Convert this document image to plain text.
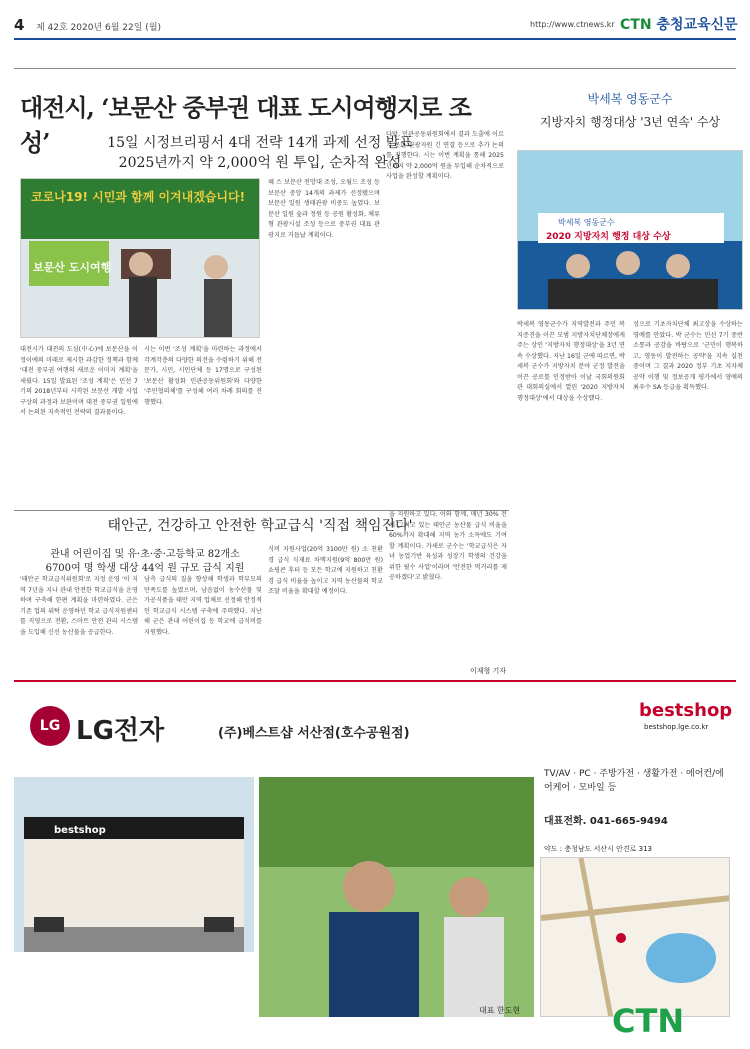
4 제 42호 2020년 6월 22일 (월)	http://www.ctnews.kr CTN 충청교육신문
대전시, ‘보문산 중부권 대표 도시여행지로 조성’	15일 시정브리핑서 4대 전략 14개 과제 선정 발표
2025년까지 약 2,000억 원 투입, 순차적 완성
코로나19! 시민과 함께 이겨내겠습니다!
보문산 도시여행
대전시가 대전의 도심(中心)에 보문산을 이정이에의 미래로 제시한 과감한 정책과 함께 '대전 중부권 여행의 새로운 이미지 계획'을 세웠다. 15일 발표된 '조성 계획'은 민선 7기의 2018년부터 시작된 보문산 개발 사업 구상의 과정과 보완이며 대전 중부권 일원에서 논의된 지속적인 전략의 결과물이다.
시는 이번 '조성 계획'을 마련하는 과정에서 각계각층의 다양한 의견을 수렴하기 위해 전문가, 시민, 시민단체 등 17명으로 구성된 '보문산 활성화 민관공동위원회'와 다양한 '주민협의체'를 구성해 여러 차례 회의를 진행했다.
혜 스 보문산 전망대 조성, 오월드 조성 등 보문산 중앙 14개의 과제가 선정됐으며 보문산 일원 생태관광 비중도 높였다. 보문산 일원 숲과 정원 등 공원 활성화, 체류형 관광시설 조성 등으로 중부권 대표 관광지로 거듭날 계획이다.
다만, 민관공동위원회에서 결과 도출에 이르기 못한 관광자원 긴 연결 등으로 추가 논의를 진행한다. 시는 이번 계획을 통해 2025년까지 약 2,000억 원을 투입해 순차적으로 사업을 완성할 계획이다.
박세복 영동군수
지방자치 행정대상 '3년 연속' 수상
박세복 영동군수
2020 지방자치 행정 대상 수상
박세복 영동군수가 지역발전과 주민 복지증진을 이끈 모범 지방자치단체장에게 주는 상인 '지방자치 행정대상'을 3년 연속 수상했다. 지난 16일 군에 따르면, 박세복 군수가 지방자치 분야 군정 발전을 이끈 공로를 인정받아 이날 국회의원회관 대회의실에서 열린 '2020 지방자치 행정대상'에서 대상을 수상했다.
성으로 기초자치단체 최고상을 수상하는 영예를 안았다. 박 군수는 민선 7기 중반 소통과 공감을 바탕으로 '군민이 행복하고, 영동이 발전하는 공약'을 지속 실천 중이며 그 결과 2020 정부 기초 지자체 공약 이행 및 정보공개 평가에서 영예의 최우수 SA 등급을 획득했다.
태안군, 건강하고 안전한 학교급식 '직접 책임진다'
관내 어린이집 및 유·초·중·고등학교 82개소
6700여 명 학생 대상 44억 원 규모 급식 지원
'태안군 학교급식위원회'로 지정 운영 '이 지역 7년을 지나 관내 안전한 학교급식을 운영하며 구축해 한편 계획을 마련하였다. 군은 기존 업의 위탁 운영하던 학교 급식지원센터를 직영으로 전환, 스마트 안전 관리 시스템을 도입해 신선 농산물을 공급한다.
남측 급식의 질을 향상해 학생과 학부모의 만족도를 높였으며, 남음없이 농수산물 및 가공식품을 태안 지역 업체로 선정해 안정적인 학교급식 시스템 구축에 주력했다. 지난해 군은 관내 어린이집 등 학교에 급식비를 지원했다.
식비 지원사업(20억 3100만 원) 소 친환경 급식 식재료 차액지원(9억 800만 원) 쇼핑콘 후터 등 모든 학교에 지원하고 친환경 급식 비율을 높이고 지역 농산물의 학교 조달 비율을 확대할 예정이다.
을 지원하고 있다. 이와 함께, 매년 30% 전체 그리고 있는 태안군 농산물 급식 비율을 60%까지 확대해 지역 농가 소득에도 기여할 계획이다. 가세로 군수는 '학교급식은 자녀 농업기반 육성과 성장기 학생의 건강을 위한 필수 사업'이라며 '안전한 먹거리를 제공하겠다'고 밝혔다.
이재형 기자
LG LG전자	(주)베스트샵 서산점(호수공원점)
bestshop
bestshop.lge.co.kr
bestshop
대표 한도현
TV/AV · PC · 주방가전 · 생활가전 · 에어컨/에어케어 · 모바일 등
대표전화. 041-665-9494
약도 : 충청남도 서산시 안견로 313
CTN
